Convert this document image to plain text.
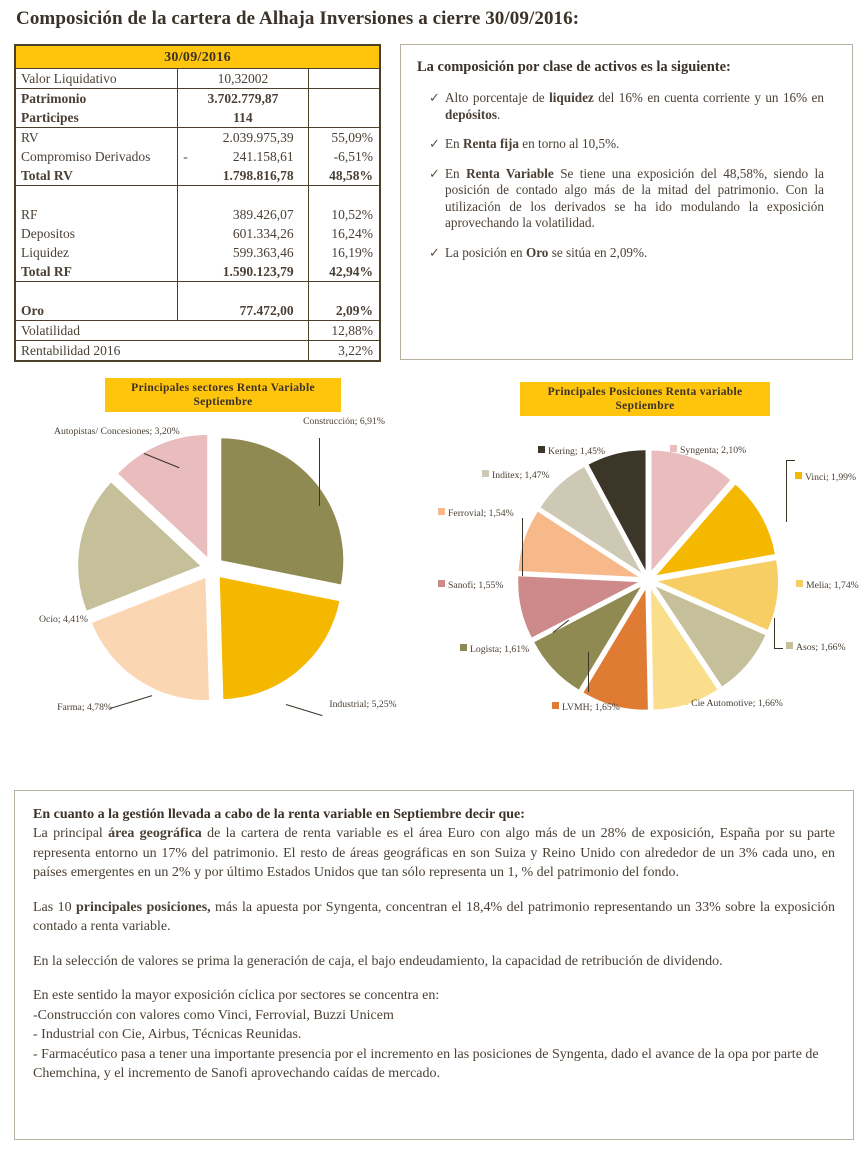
Composición de la cartera de Alhaja Inversiones a cierre 30/09/2016:
30/09/2016		
Valor Liquidativo	10,32002	
Patrimonio	3.702.779,87	
Participes	114	
RV	2.039.975,39	55,09%
Compromiso Derivados	- 241.158,61	-6,51%
Total RV	1.798.816,78	48,58%

RF	389.426,07	10,52%
Depositos	601.334,26	16,24%
Liquidez	599.363,46	16,19%
Total RF	1.590.123,79	42,94%

Oro	77.472,00	2,09%
Volatilidad		12,88%
Rentabilidad 2016		3,22%
La composición por clase de activos es la siguiente:
✓ Alto porcentaje de liquidez del 16% en cuenta corriente y un 16% en depósitos.
✓ En Renta fija en torno al 10,5%.
✓ En Renta Variable Se tiene una exposición del 48,58%, siendo la posición de contado algo más de la mitad del patrimonio. Con la utilización de los derivados se ha ido modulando la exposición aprovechando la volatilidad.
✓ La posición en Oro se sitúa en 2,09%.
Principales sectores Renta Variable
Septiembre
Construcción; 6,91%
Autopistas/ Concesiones; 3,20%
Ocio; 4,41%
Farma; 4,78%	Industrial; 5,25%
Principales Posiciones Renta variable
Septiembre
Syngenta; 2,10%
Vinci; 1,99%
Melia; 1,74%
Asos; 1,66%
Cie Automotive; 1,66%
LVMH; 1,65%
Logista; 1,61%
Sanofi; 1,55%
Ferrovial; 1,54%
Inditex; 1,47%
Kering; 1,45%
En cuanto a la gestión llevada a cabo de la renta variable en Septiembre decir que:

La principal área geográfica de la cartera de renta variable es el área Euro con algo más de un 28% de exposición, España por su parte representa entorno un 17% del patrimonio. El resto de áreas geográficas en son Suiza y Reino Unido con alrededor de un 3% cada uno, en países emergentes en un 2% y por último Estados Unidos que tan sólo representa un 1, % del patrimonio del fondo.

Las 10 principales posiciones, más la apuesta por Syngenta, concentran el 18,4% del patrimonio representando un 33% sobre la exposición contado a renta variable.

En la selección de valores se prima la generación de caja, el bajo endeudamiento, la capacidad de retribución de dividendo.

En este sentido la mayor exposición cíclica por sectores se concentra en:

-Construcción con valores como Vinci, Ferrovial, Buzzi Unicem
- Industrial con Cie, Airbus, Técnicas Reunidas.
- Farmacéutico pasa a tener una importante presencia por el incremento en las posiciones de Syngenta, dado el avance de la opa por parte de Chemchina, y el incremento de Sanofi aprovechando caídas de mercado.
